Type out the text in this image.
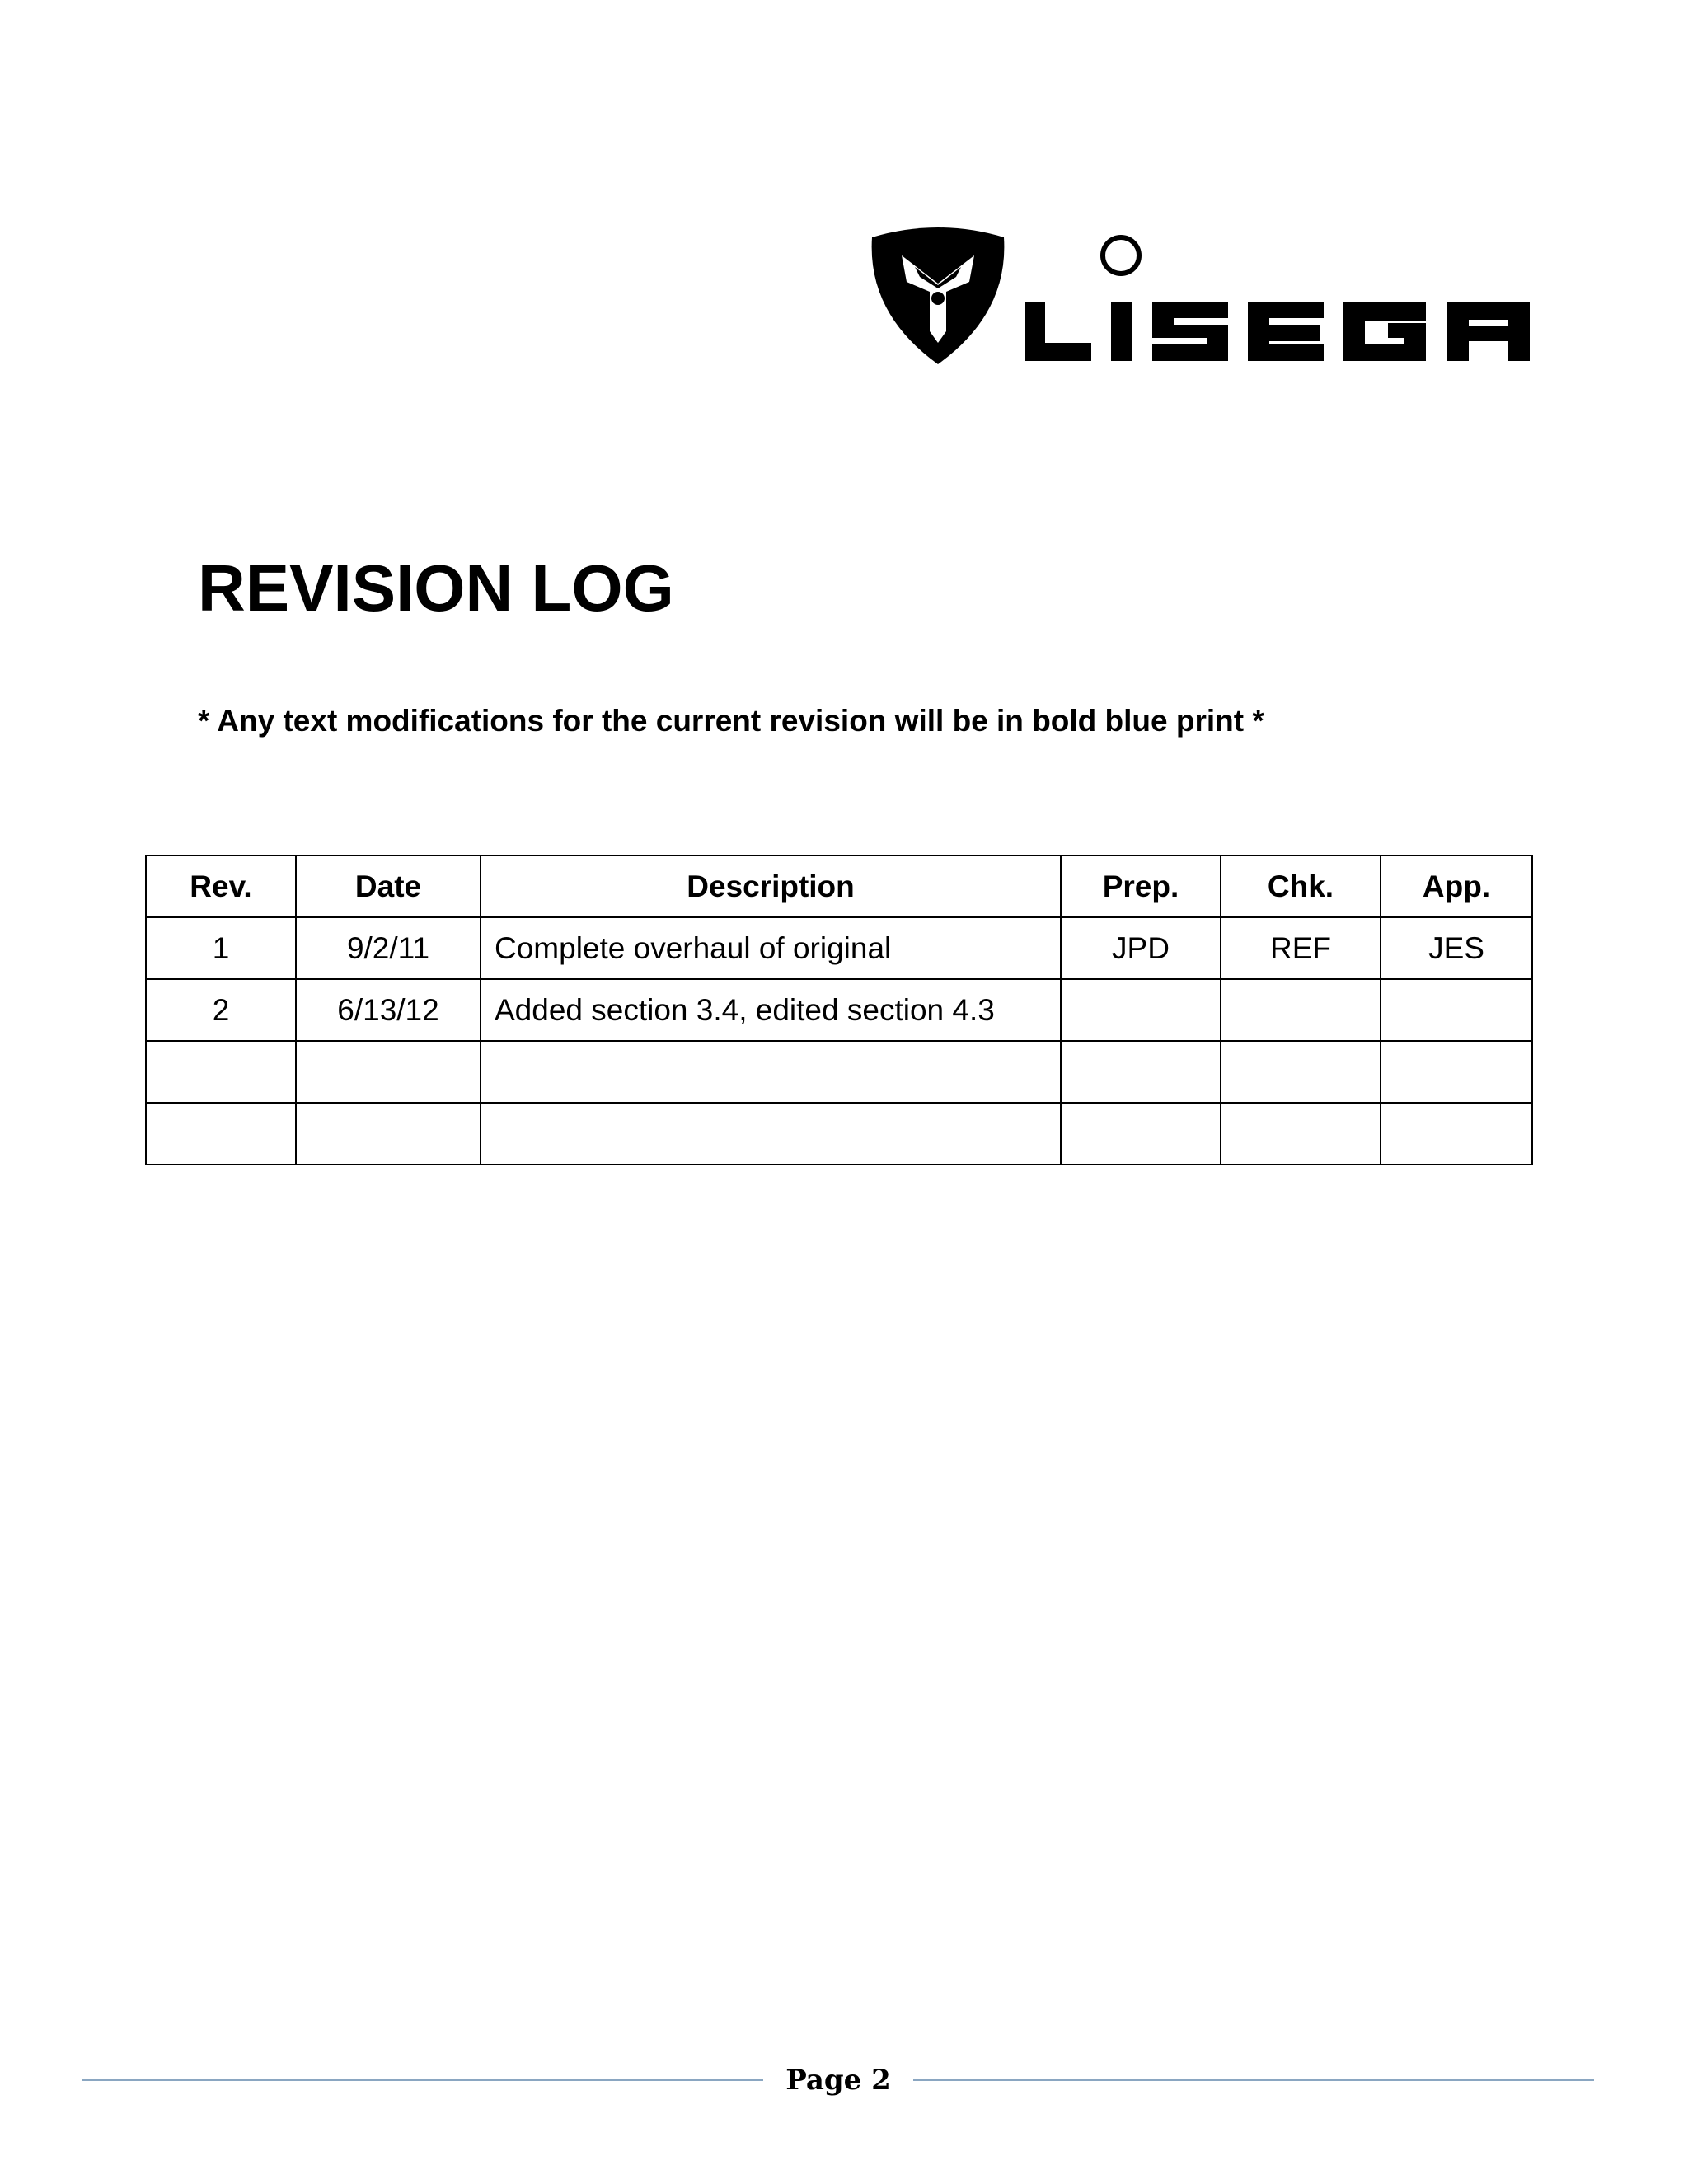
REVISION LOG

* Any text modifications for the current revision will be in bold blue print *

Rev.	Date	Description	Prep.	Chk.	App.
1	9/2/11	Complete overhaul of original	JPD	REF	JES
2	6/13/12	Added section 3.4, edited section 4.3			

Page 2
